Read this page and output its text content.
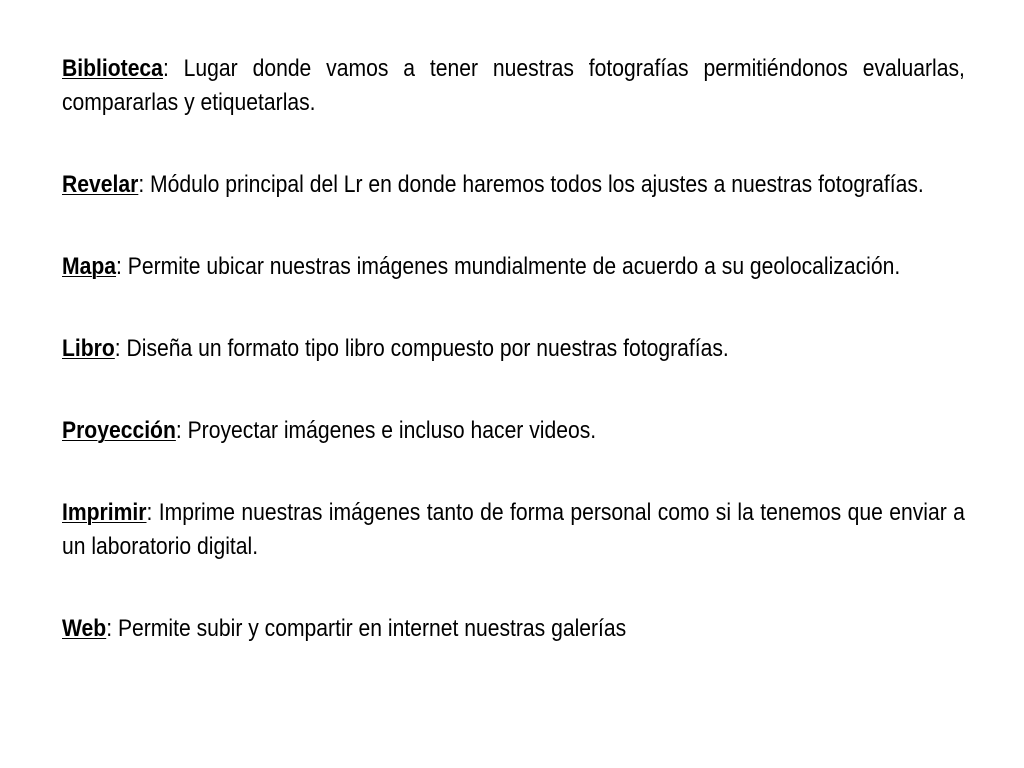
Biblioteca: Lugar donde vamos a tener nuestras fotografías permitiéndonos evaluarlas, compararlas y etiquetarlas.

Revelar: Módulo principal del Lr en donde haremos todos los ajustes a nuestras fotografías.

Mapa: Permite ubicar nuestras imágenes mundialmente de acuerdo a su geolocalización.

Libro: Diseña un formato tipo libro compuesto por nuestras fotografías.

Proyección: Proyectar imágenes e incluso hacer videos.

Imprimir: Imprime nuestras imágenes tanto de forma personal como si la tenemos que enviar a un laboratorio digital.

Web: Permite subir y compartir en internet nuestras galerías
